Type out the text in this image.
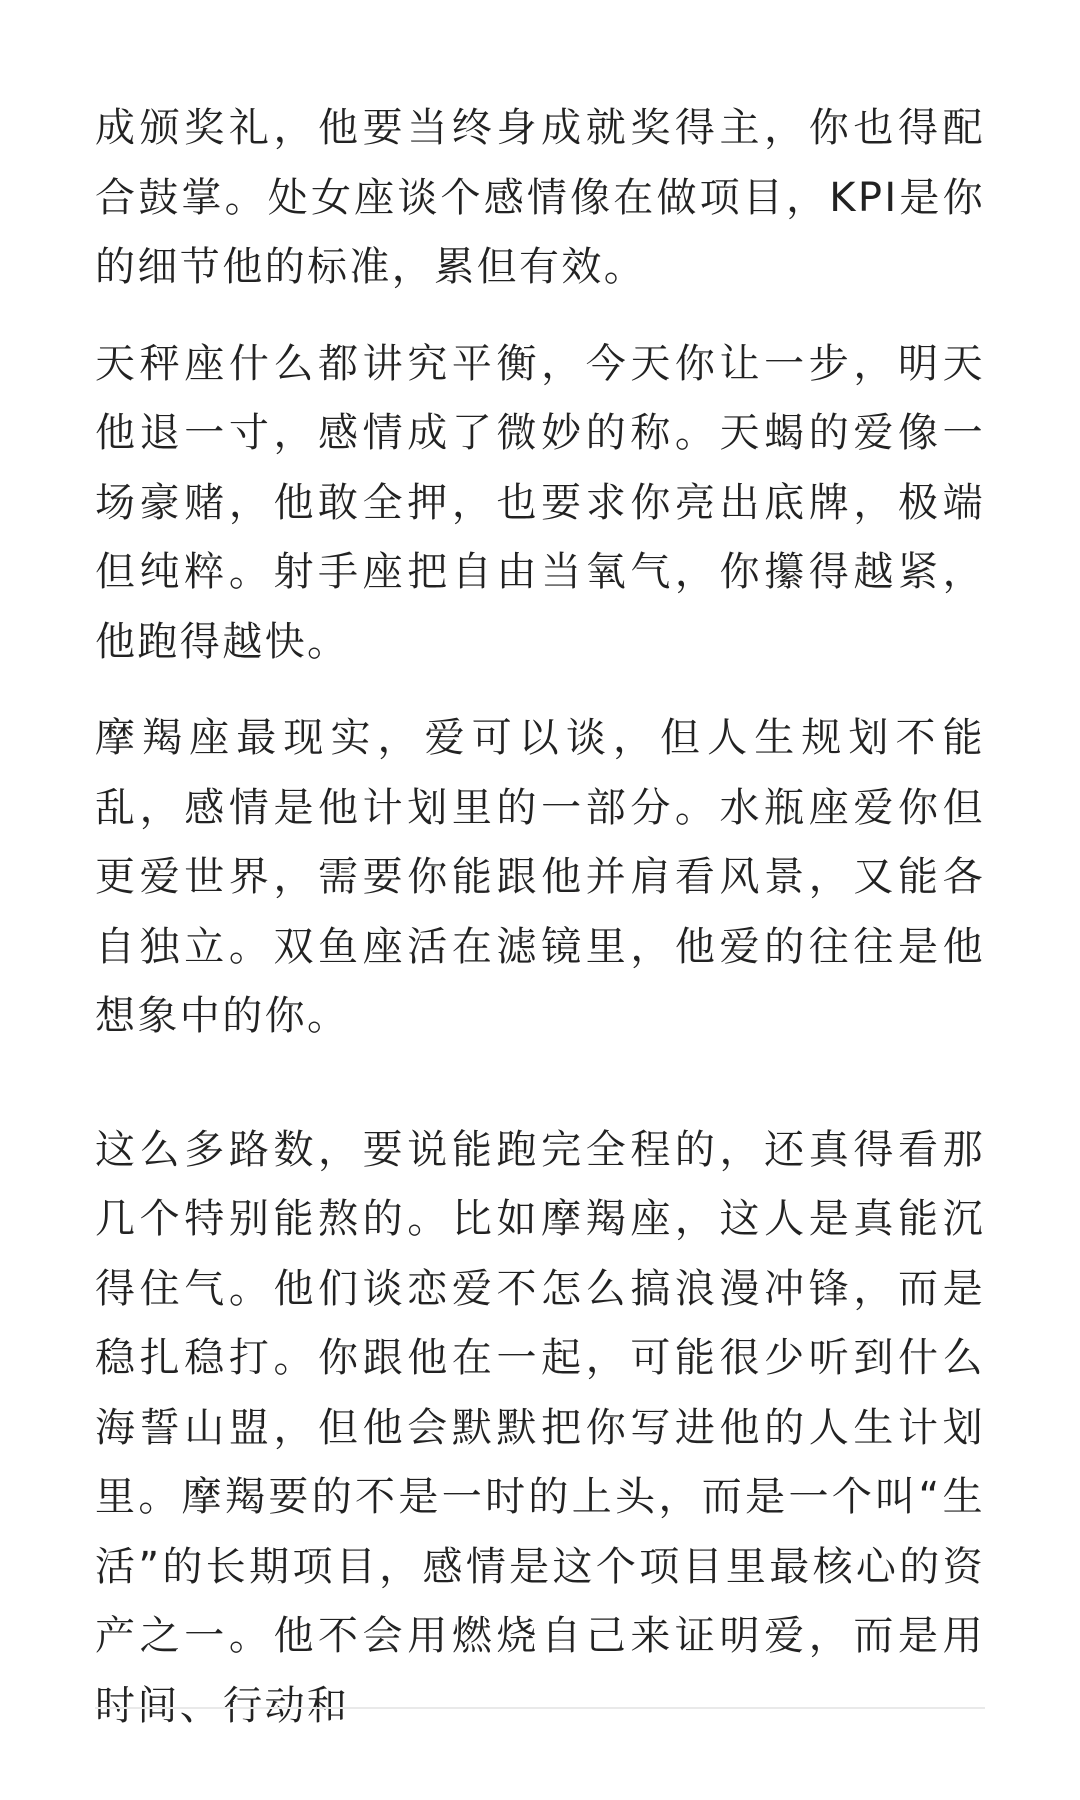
成颁奖礼，他要当终身成就奖得主，你也得配合鼓掌。处女座谈个感情像在做项目，KPI是你的细节他的标准，累但有效。

天秤座什么都讲究平衡，今天你让一步，明天他退一寸，感情成了微妙的称。天蝎的爱像一场豪赌，他敢全押，也要求你亮出底牌，极端但纯粹。射手座把自由当氧气，你攥得越紧，他跑得越快。

摩羯座最现实，爱可以谈，但人生规划不能乱，感情是他计划里的一部分。水瓶座爱你但更爱世界，需要你能跟他并肩看风景，又能各自独立。双鱼座活在滤镜里，他爱的往往是他想象中的你。

这么多路数，要说能跑完全程的，还真得看那几个特别能熬的。比如摩羯座，这人是真能沉得住气。他们谈恋爱不怎么搞浪漫冲锋，而是稳扎稳打。你跟他在一起，可能很少听到什么海誓山盟，但他会默默把你写进他的人生计划里。摩羯要的不是一时的上头，而是一个叫“生活”的长期项目，感情是这个项目里最核心的资产之一。他不会用燃烧自己来证明爱，而是用时间、行动和
